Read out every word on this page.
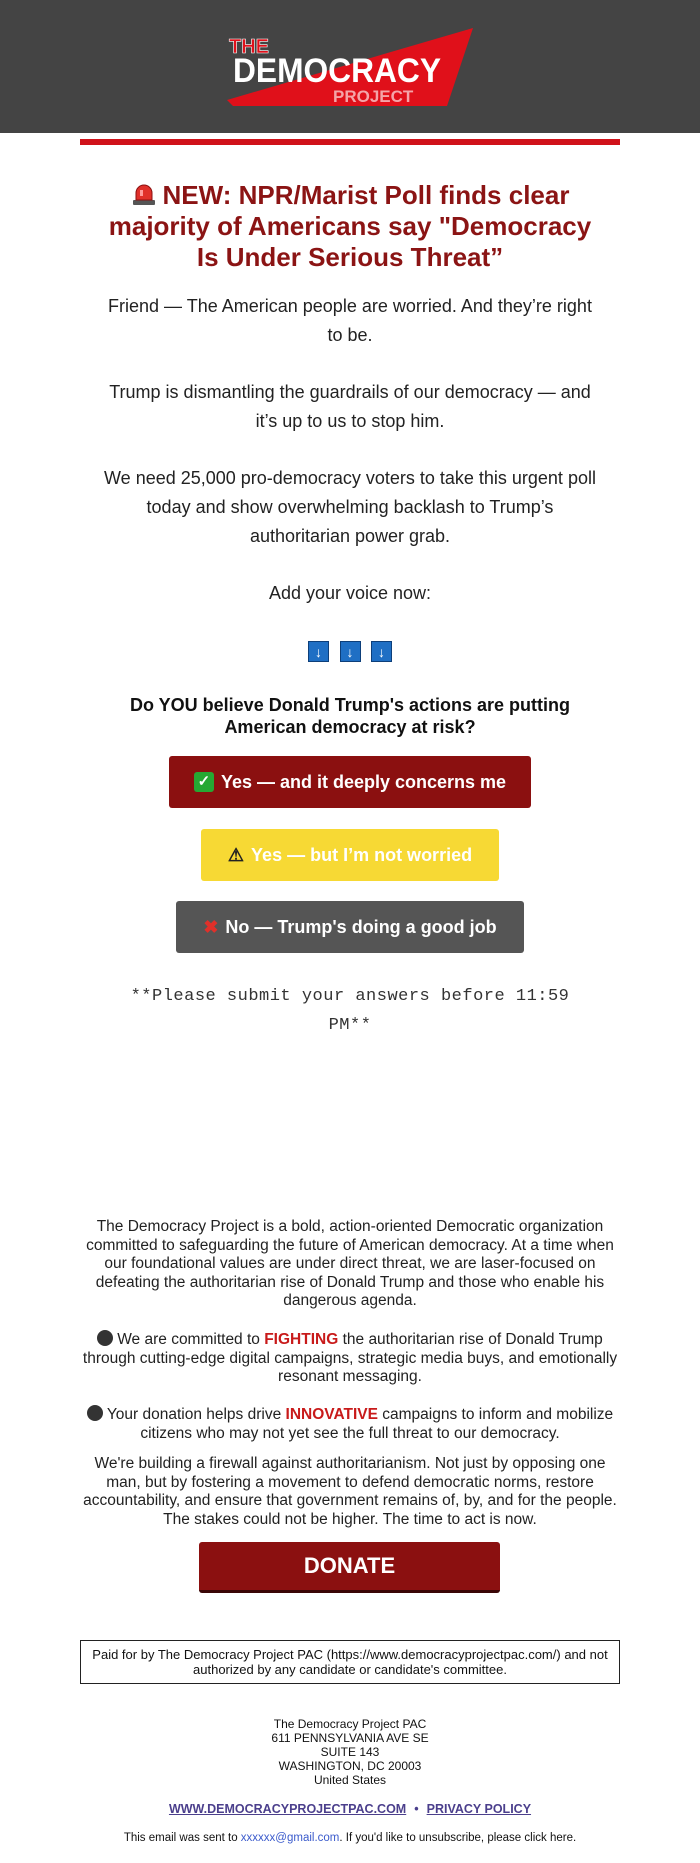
THE
DEMOCRACY
PROJECT
NEW: NPR/Marist Poll finds clear majority of Americans say "Democracy Is Under Serious Threat”

Friend — The American people are worried. And they’re right to be.

Trump is dismantling the guardrails of our democracy — and it’s up to us to stop him.

We need 25,000 pro-democracy voters to take this urgent poll today and show overwhelming backlash to Trump’s authoritarian power grab.

Add your voice now:

↓	↓	↓

Do YOU believe Donald Trump's actions are putting American democracy at risk?

✓ Yes — and it deeply concerns me
⚠ Yes — but I’m not worried
✖ No — Trump's doing a good job

**Please submit your answers before 11:59 PM**

The Democracy Project is a bold, action-oriented Democratic organization committed to safeguarding the future of American democracy. At a time when our foundational values are under direct threat, we are laser-focused on defeating the authoritarian rise of Donald Trump and those who enable his dangerous agenda.

We are committed to FIGHTING the authoritarian rise of Donald Trump through cutting-edge digital campaigns, strategic media buys, and emotionally resonant messaging.

Your donation helps drive INNOVATIVE campaigns to inform and mobilize citizens who may not yet see the full threat to our democracy.

We're building a firewall against authoritarianism. Not just by opposing one man, but by fostering a movement to defend democratic norms, restore accountability, and ensure that government remains of, by, and for the people. The stakes could not be higher. The time to act is now.

DONATE
Paid for by The Democracy Project PAC (https://www.democracyprojectpac.com/) and not authorized by any candidate or candidate's committee.
The Democracy Project PAC
611 PENNSYLVANIA AVE SE
SUITE 143
WASHINGTON, DC 20003
United States
WWW.DEMOCRACYPROJECTPAC.COM • PRIVACY POLICY
This email was sent to xxxxxx@gmail.com. If you'd like to unsubscribe, please click here.
